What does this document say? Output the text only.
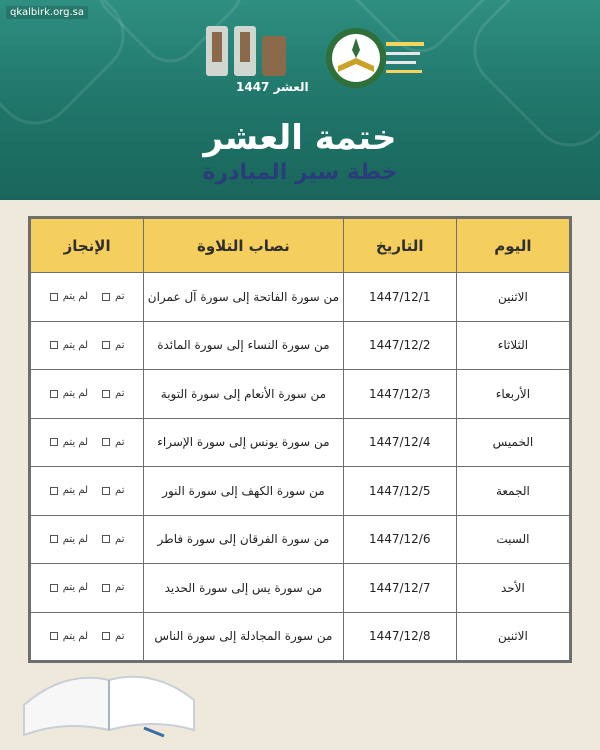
qkalbirk.org.sa
العشر 1447
ختمة العشر
خطة سير المبادرة
اليوم	التاريخ	نصاب التلاوة	الإنجاز
الاثنين	1447/12/1	من سورة الفاتحة إلى سورة آل عمران	تم
لم يتم

الثلاثاء	1447/12/2	من سورة النساء إلى سورة المائدة	تم
لم يتم

الأربعاء	1447/12/3	من سورة الأنعام إلى سورة التوبة	تم
لم يتم

الخميس	1447/12/4	من سورة يونس إلى سورة الإسراء	تم
لم يتم

الجمعة	1447/12/5	من سورة الكهف إلى سورة النور	تم
لم يتم

السبت	1447/12/6	من سورة الفرقان إلى سورة فاطر	تم
لم يتم

الأحد	1447/12/7	من سورة يس إلى سورة الحديد	تم
لم يتم

الاثنين	1447/12/8	من سورة المجادلة إلى سورة الناس	تم
لم يتم
